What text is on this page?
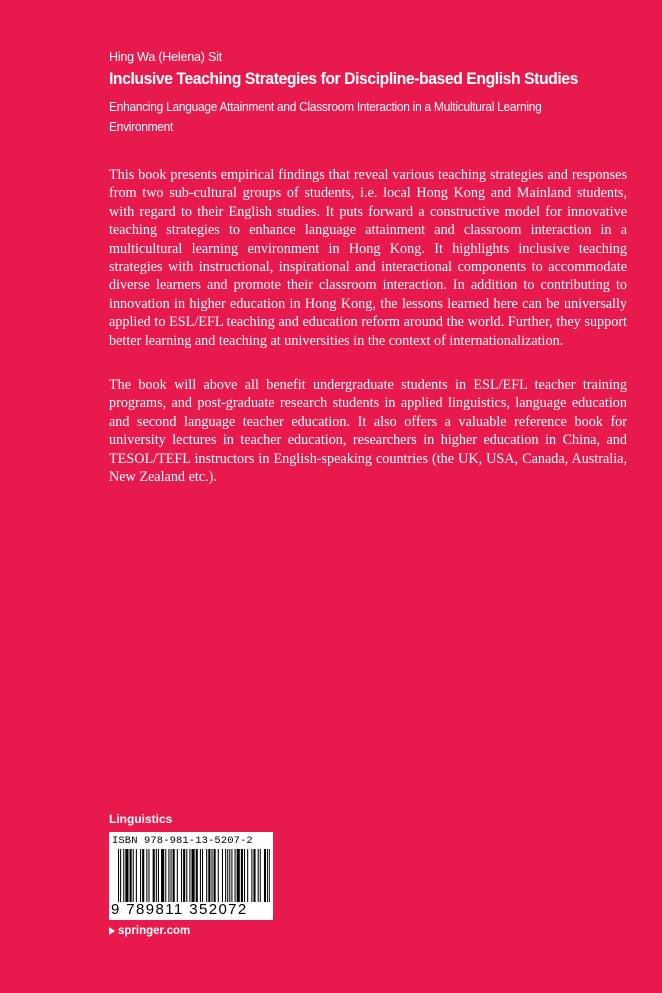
Hing Wa (Helena) Sit
Inclusive Teaching Strategies for Discipline-based English Studies
Enhancing Language Attainment and Classroom Interaction in a Multicultural Learning Environment

This book presents empirical findings that reveal various teaching strategies and responses from two sub-cultural groups of students, i.e. local Hong Kong and Mainland students, with regard to their English studies. It puts forward a constructive model for innovative teaching strategies to enhance language attainment and classroom interaction in a multicultural learning environment in Hong Kong. It highlights inclusive teaching strategies with instructional, inspirational and interactional components to accommodate diverse learners and promote their classroom interaction. In addition to contributing to innovation in higher education in Hong Kong, the lessons learned here can be universally applied to ESL/EFL teaching and education reform around the world. Further, they support better learning and teaching at universities in the context of internationalization.

The book will above all benefit undergraduate students in ESL/EFL teacher training programs, and post-graduate research students in applied linguistics, language education and second language teacher education. It also offers a valuable reference book for university lectures in teacher education, researchers in higher education in China, and TESOL/TEFL instructors in English-speaking countries (the UK, USA, Canada, Australia, New Zealand etc.).

Linguistics
ISBN 978-981-13-5207-2
9 789811 352072
springer.com
